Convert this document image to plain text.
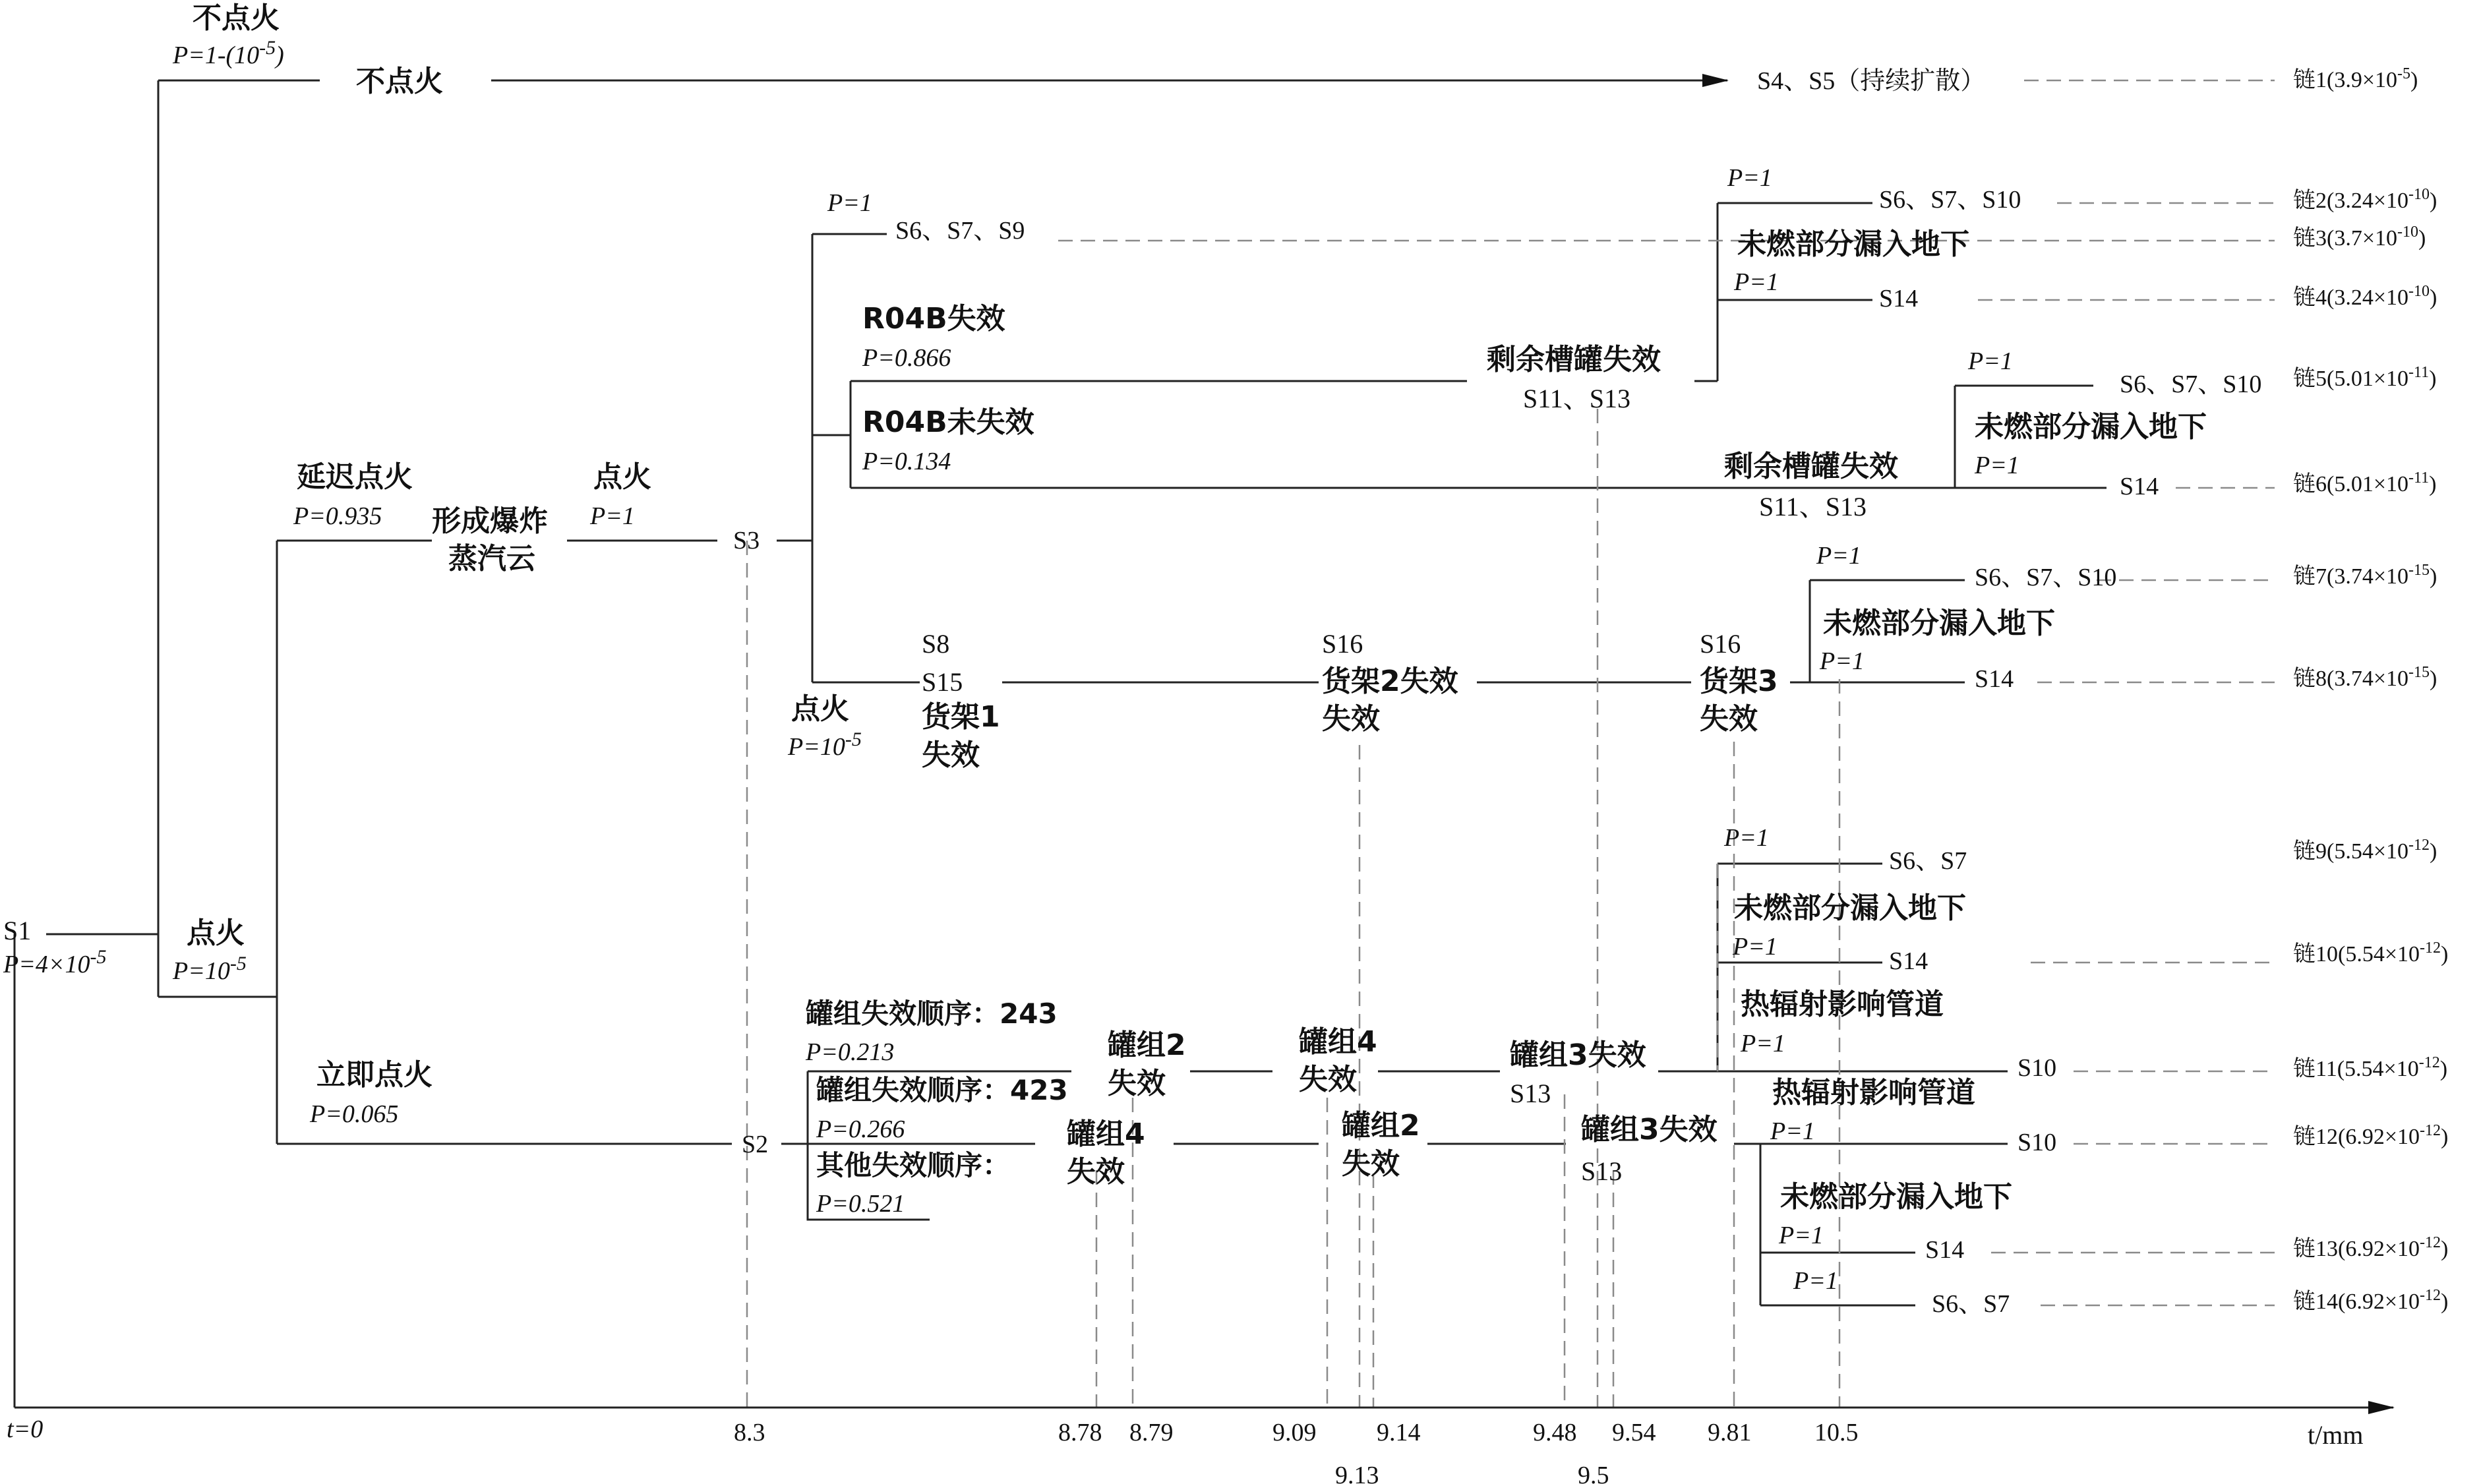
t=0	t/mm
8.3	8.78 8.79	9.09
9.13
9.14	9.48
9.5
9.54 9.81	10.5
S1
$P=4\times 10^{-5}$
点火
$P=10^{-5}$
不点火
$P=1-(10^{-5})$
不点火	S4、S5（持续扩散）
延迟点火
P=0.935 形成爆炸
蒸汽云
点火
P=1
S3
立即点火
P=0.065
S2
P=1
S6、S7、S9
R04B失效
P=0.866
R04B未失效
P=0.134
剩余槽罐失效
S11、S13
剩余槽罐失效
S11、S13
点火
$P=10^{-5}$
S8
S15
货架1
失效
S16
货架2失效
失效
S16
货架3
失效
罐组失效顺序：243
P=0.213
罐组失效顺序：423
P=0.266
其他失效顺序：
P=0.521
罐组2
失效
罐组4
失效
罐组4
失效
罐组2
失效
罐组3失效
S13
罐组3失效
S13
P=1
未燃部分漏入地下
P=1
P=1
未燃部分漏入地下
P=1
P=1
未燃部分漏入地下
P=1
P=1
未燃部分漏入地下
P=1
热辐射影响管道
P=1
热辐射影响管道
P=1
未燃部分漏入地下
P=1
P=1
S6、S7、S10
S14
S6、S7、S10
S14
S6、S7、S10
S14
S6、S7
S14
S10
S10
S14
S6、S7
链$1(3.9\times 10^{-5})$
链$2(3.24\times 10^{-10})$
链$3(3.7\times 10^{-10})$
链$4(3.24\times 10^{-10})$
链$5(5.01\times 10^{-11})$
链$6(5.01\times 10^{-11})$
链$7(3.74\times 10^{-15})$
链$8(3.74\times 10^{-15})$
链$9(5.54\times 10^{-12})$
链$10(5.54\times 10^{-12})$
链$11(5.54\times 10^{-12})$
链$12(6.92\times 10^{-12})$
链$13(6.92\times 10^{-12})$
链$14(6.92\times 10^{-12})$
